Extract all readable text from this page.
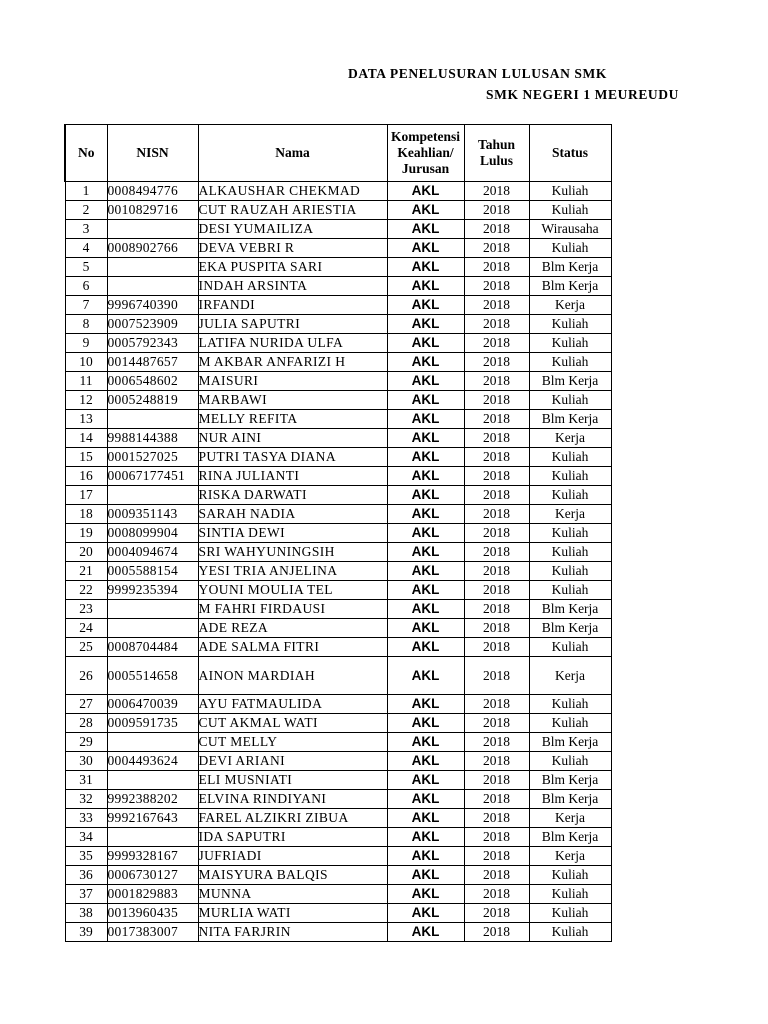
DATA PENELUSURAN LULUSAN SMK
SMK NEGERI 1 MEUREUDU
No	NISN	Nama	Kompetensi Keahlian/ Jurusan	Tahun Lulus	Status
1	0008494776	ALKAUSHAR CHEKMAD	AKL	2018	Kuliah
2	0010829716	CUT RAUZAH ARIESTIA	AKL	2018	Kuliah
3		DESI YUMAILIZA	AKL	2018	Wirausaha
4	0008902766	DEVA VEBRI R	AKL	2018	Kuliah
5		EKA PUSPITA SARI	AKL	2018	Blm Kerja
6		INDAH ARSINTA	AKL	2018	Blm Kerja
7	9996740390	IRFANDI	AKL	2018	Kerja
8	0007523909	JULIA SAPUTRI	AKL	2018	Kuliah
9	0005792343	LATIFA NURIDA ULFA	AKL	2018	Kuliah
10	0014487657	M AKBAR ANFARIZI H	AKL	2018	Kuliah
11	0006548602	MAISURI	AKL	2018	Blm Kerja
12	0005248819	MARBAWI	AKL	2018	Kuliah
13		MELLY REFITA	AKL	2018	Blm Kerja
14	9988144388	NUR AINI	AKL	2018	Kerja
15	0001527025	PUTRI TASYA DIANA	AKL	2018	Kuliah
16	00067177451	RINA JULIANTI	AKL	2018	Kuliah
17		RISKA DARWATI	AKL	2018	Kuliah
18	0009351143	SARAH NADIA	AKL	2018	Kerja
19	0008099904	SINTIA DEWI	AKL	2018	Kuliah
20	0004094674	SRI WAHYUNINGSIH	AKL	2018	Kuliah
21	0005588154	YESI TRIA ANJELINA	AKL	2018	Kuliah
22	9999235394	YOUNI MOULIA TEL	AKL	2018	Kuliah
23		M FAHRI FIRDAUSI	AKL	2018	Blm Kerja
24		ADE REZA	AKL	2018	Blm Kerja
25	0008704484	ADE SALMA FITRI	AKL	2018	Kuliah
26	0005514658	AINON MARDIAH	AKL	2018	Kerja
27	0006470039	AYU FATMAULIDA	AKL	2018	Kuliah
28	0009591735	CUT AKMAL WATI	AKL	2018	Kuliah
29		CUT MELLY	AKL	2018	Blm Kerja
30	0004493624	DEVI ARIANI	AKL	2018	Kuliah
31		ELI MUSNIATI	AKL	2018	Blm Kerja
32	9992388202	ELVINA RINDIYANI	AKL	2018	Blm Kerja
33	9992167643	FAREL ALZIKRI ZIBUA	AKL	2018	Kerja
34		IDA SAPUTRI	AKL	2018	Blm Kerja
35	9999328167	JUFRIADI	AKL	2018	Kerja
36	0006730127	MAISYURA BALQIS	AKL	2018	Kuliah
37	0001829883	MUNNA	AKL	2018	Kuliah
38	0013960435	MURLIA WATI	AKL	2018	Kuliah
39	0017383007	NITA FARJRIN	AKL	2018	Kuliah
